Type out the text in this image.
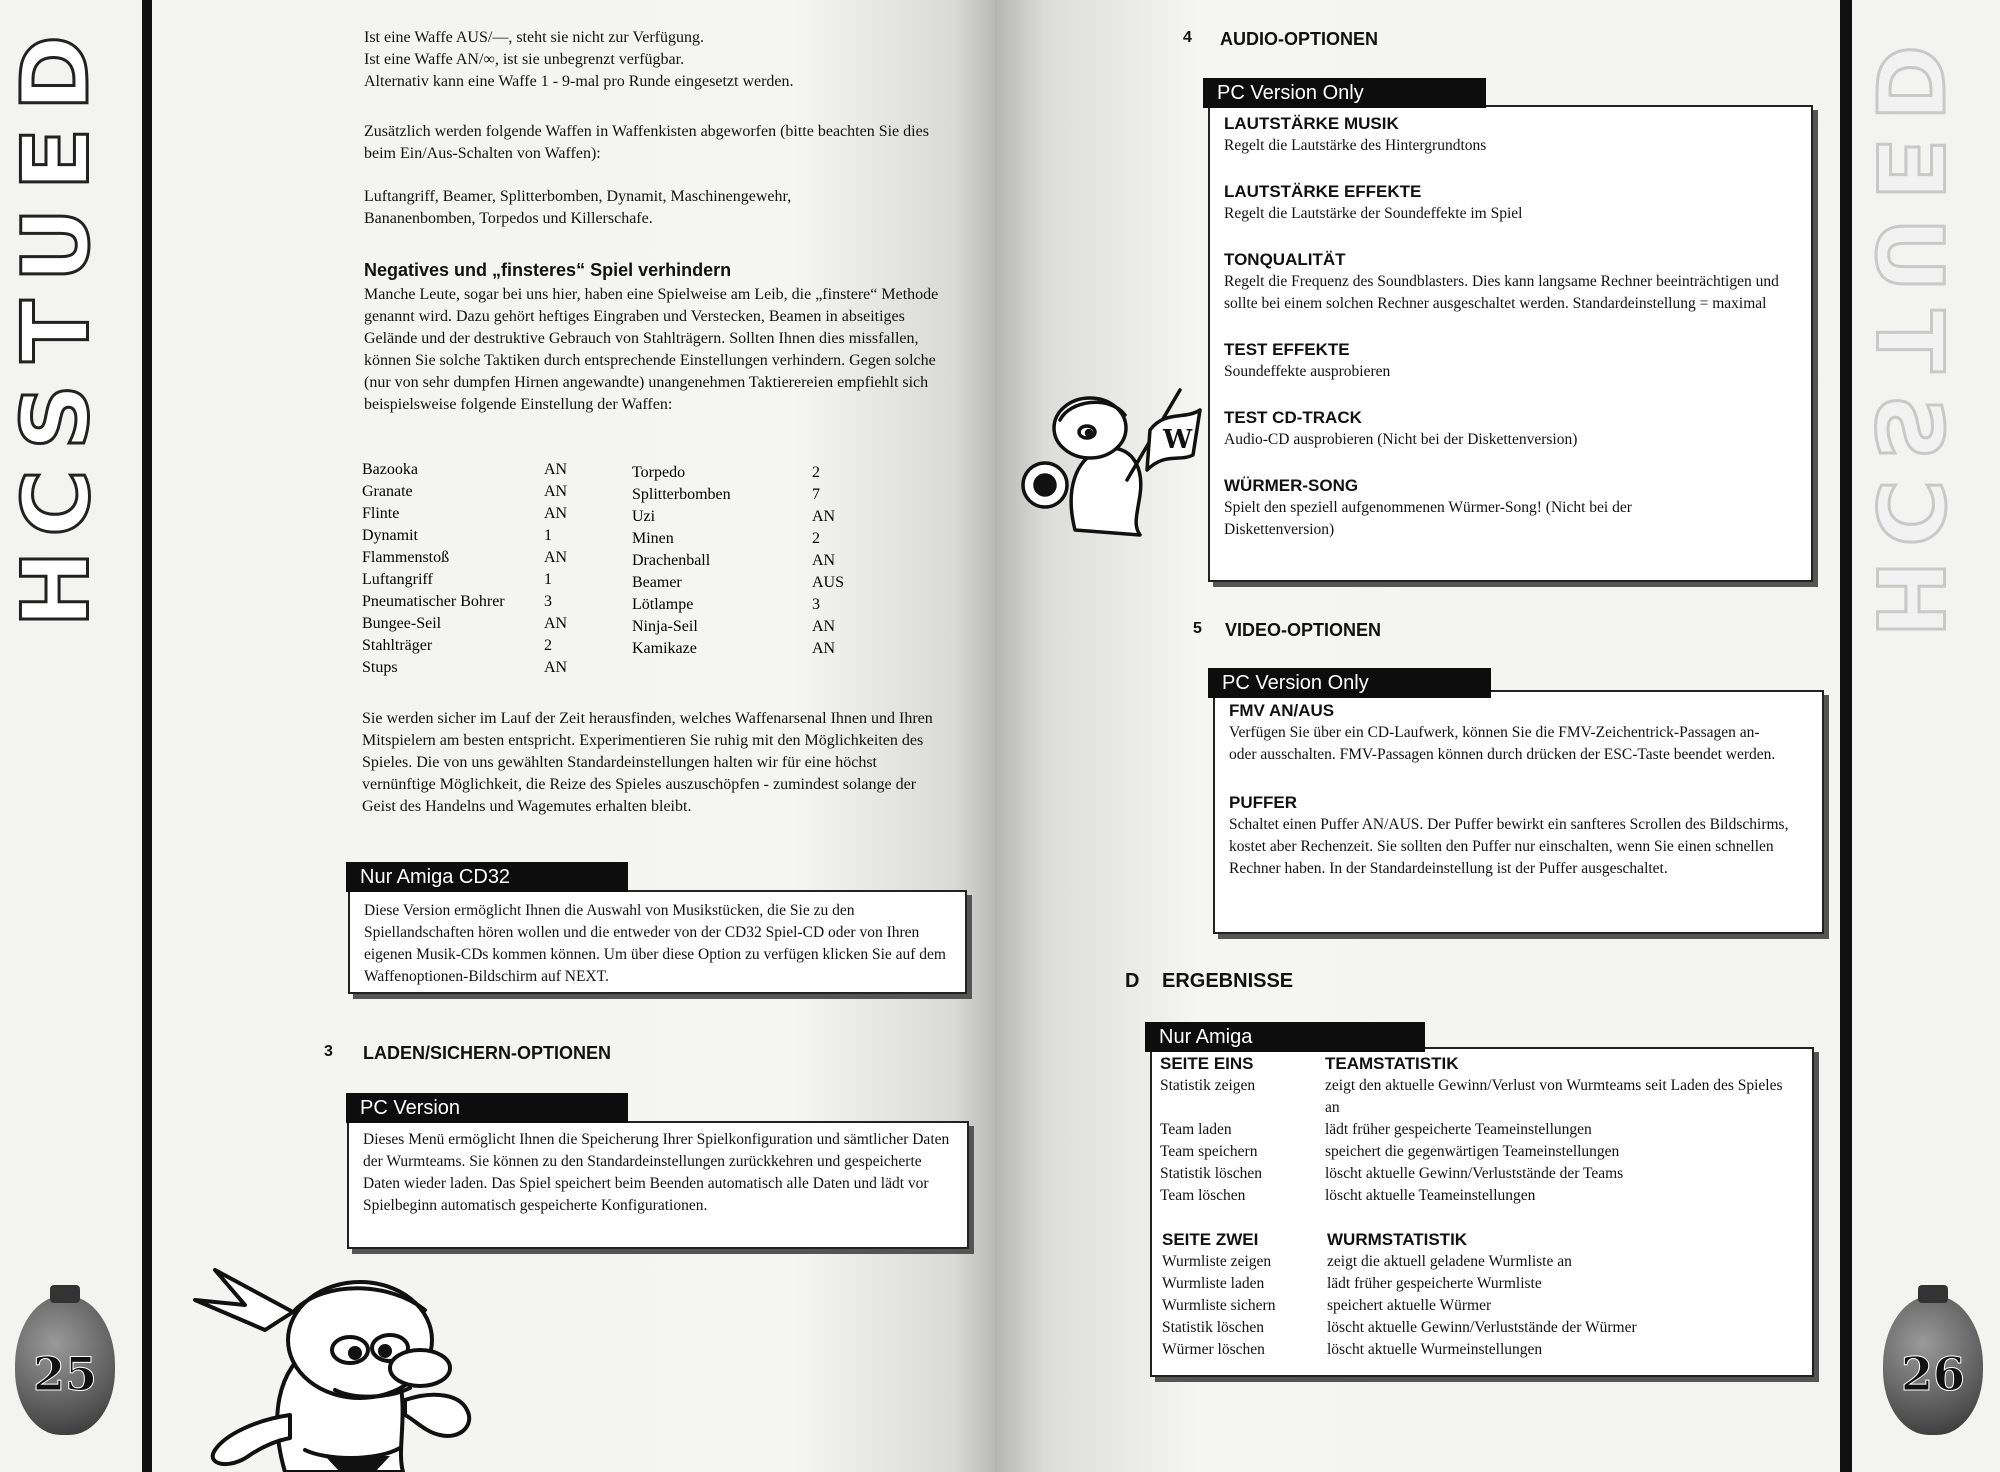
D
E
U
T
S
C
H
25
Ist eine Waffe AUS/—, steht sie nicht zur Verfügung.
Ist eine Waffe AN/∞, ist sie unbegrenzt verfügbar.
Alternativ kann eine Waffe 1 - 9-mal pro Runde eingesetzt werden.

Zusätzlich werden folgende Waffen in Waffenkisten abgeworfen (bitte beachten Sie dies beim Ein/Aus-Schalten von Waffen):

Luftangriff, Beamer, Splitterbomben, Dynamit, Maschinengewehr, Bananenbomben, Torpedos und Killerschafe.

Negatives und „finsteres“ Spiel verhindern

Manche Leute, sogar bei uns hier, haben eine Spielweise am Leib, die „finstere“ Methode genannt wird. Dazu gehört heftiges Eingraben und Verstecken, Beamen in abseitiges Gelände und der destruktive Gebrauch von Stahlträgern. Sollten Ihnen dies missfallen, können Sie solche Taktiken durch entsprechende Einstellungen verhindern. Gegen solche (nur von sehr dumpfen Hirnen angewandte) unangenehmen Taktierereien empfiehlt sich beispielsweise folgende Einstellung der Waffen:

Bazooka	AN
Granate	AN
Flinte	AN
Dynamit	1
Flammenstoß	AN
Luftangriff	1
Pneumatischer Bohrer	3
Bungee-Seil	AN
Stahlträger	2
Stups	AN
Torpedo	2
Splitterbomben	7
Uzi	AN
Minen	2
Drachenball	AN
Beamer	AUS
Lötlampe	3
Ninja-Seil	AN
Kamikaze	AN

Sie werden sicher im Lauf der Zeit herausfinden, welches Waffenarsenal Ihnen und Ihren Mitspielern am besten entspricht. Experimentieren Sie ruhig mit den Möglichkeiten des Spieles. Die von uns gewählten Standardeinstellungen halten wir für eine höchst vernünftige Möglichkeit, die Reize des Spieles auszuschöpfen - zumindest solange der Geist des Handelns und Wagemutes erhalten bleibt.

Diese Version ermöglicht Ihnen die Auswahl von Musikstücken, die Sie zu den Spiellandschaften hören wollen und die entweder von der CD32 Spiel-CD oder von Ihren eigenen Musik-CDs kommen können. Um über diese Option zu verfügen klicken Sie auf dem Waffenoptionen-Bildschirm auf NEXT.
Nur Amiga CD32
3 LADEN/SICHERN-OPTIONEN
Dieses Menü ermöglicht Ihnen die Speicherung Ihrer Spielkonfiguration und sämtlicher Daten der Wurmteams. Sie können zu den Standardeinstellungen zurückkehren und gespeicherte Daten wieder laden. Das Spiel speichert beim Beenden automatisch alle Daten und lädt vor Spielbeginn automatisch gespeicherte Konfigurationen.
PC Version
D
E
U
T
S
C
H
26
4 AUDIO-OPTIONEN
LAUTSTÄRKE MUSIK
Regelt die Lautstärke des Hintergrundtons
LAUTSTÄRKE EFFEKTE
Regelt die Lautstärke der Soundeffekte im Spiel
TONQUALITÄT
Regelt die Frequenz des Soundblasters. Dies kann langsame Rechner beeinträchtigen und sollte bei einem solchen Rechner ausgeschaltet werden. Standardeinstellung = maximal
TEST EFFEKTE
Soundeffekte ausprobieren
TEST CD-TRACK
Audio-CD ausprobieren (Nicht bei der Diskettenversion)
WÜRMER-SONG
Spielt den speziell aufgenommenen Würmer-Song! (Nicht bei der Diskettenversion)
PC Version Only
W
5 VIDEO-OPTIONEN
FMV AN/AUS
Verfügen Sie über ein CD-Laufwerk, können Sie die FMV-Zeichentrick-Passagen an- oder ausschalten. FMV-Passagen können durch drücken der ESC-Taste beendet werden.
PUFFER
Schaltet einen Puffer AN/AUS. Der Puffer bewirkt ein sanfteres Scrollen des Bildschirms, kostet aber Rechenzeit. Sie sollten den Puffer nur einschalten, wenn Sie einen schnellen Rechner haben. In der Standardeinstellung ist der Puffer ausgeschaltet.
PC Version Only
D ERGEBNISSE
SEITE EINS	TEAMSTATISTIK
Statistik zeigen	zeigt den aktuelle Gewinn/Verlust von Wurmteams seit Laden des Spieles an
Team laden	lädt früher gespeicherte Teameinstellungen
Team speichern	speichert die gegenwärtigen Teameinstellungen
Statistik löschen	löscht aktuelle Gewinn/Verluststände der Teams
Team löschen	löscht aktuelle Teameinstellungen
SEITE ZWEI	WURMSTATISTIK
Wurmliste zeigen	zeigt die aktuell geladene Wurmliste an
Wurmliste laden	lädt früher gespeicherte Wurmliste
Wurmliste sichern	speichert aktuelle Würmer
Statistik löschen	löscht aktuelle Gewinn/Verluststände der Würmer
Würmer löschen	löscht aktuelle Wurmeinstellungen
Nur Amiga
